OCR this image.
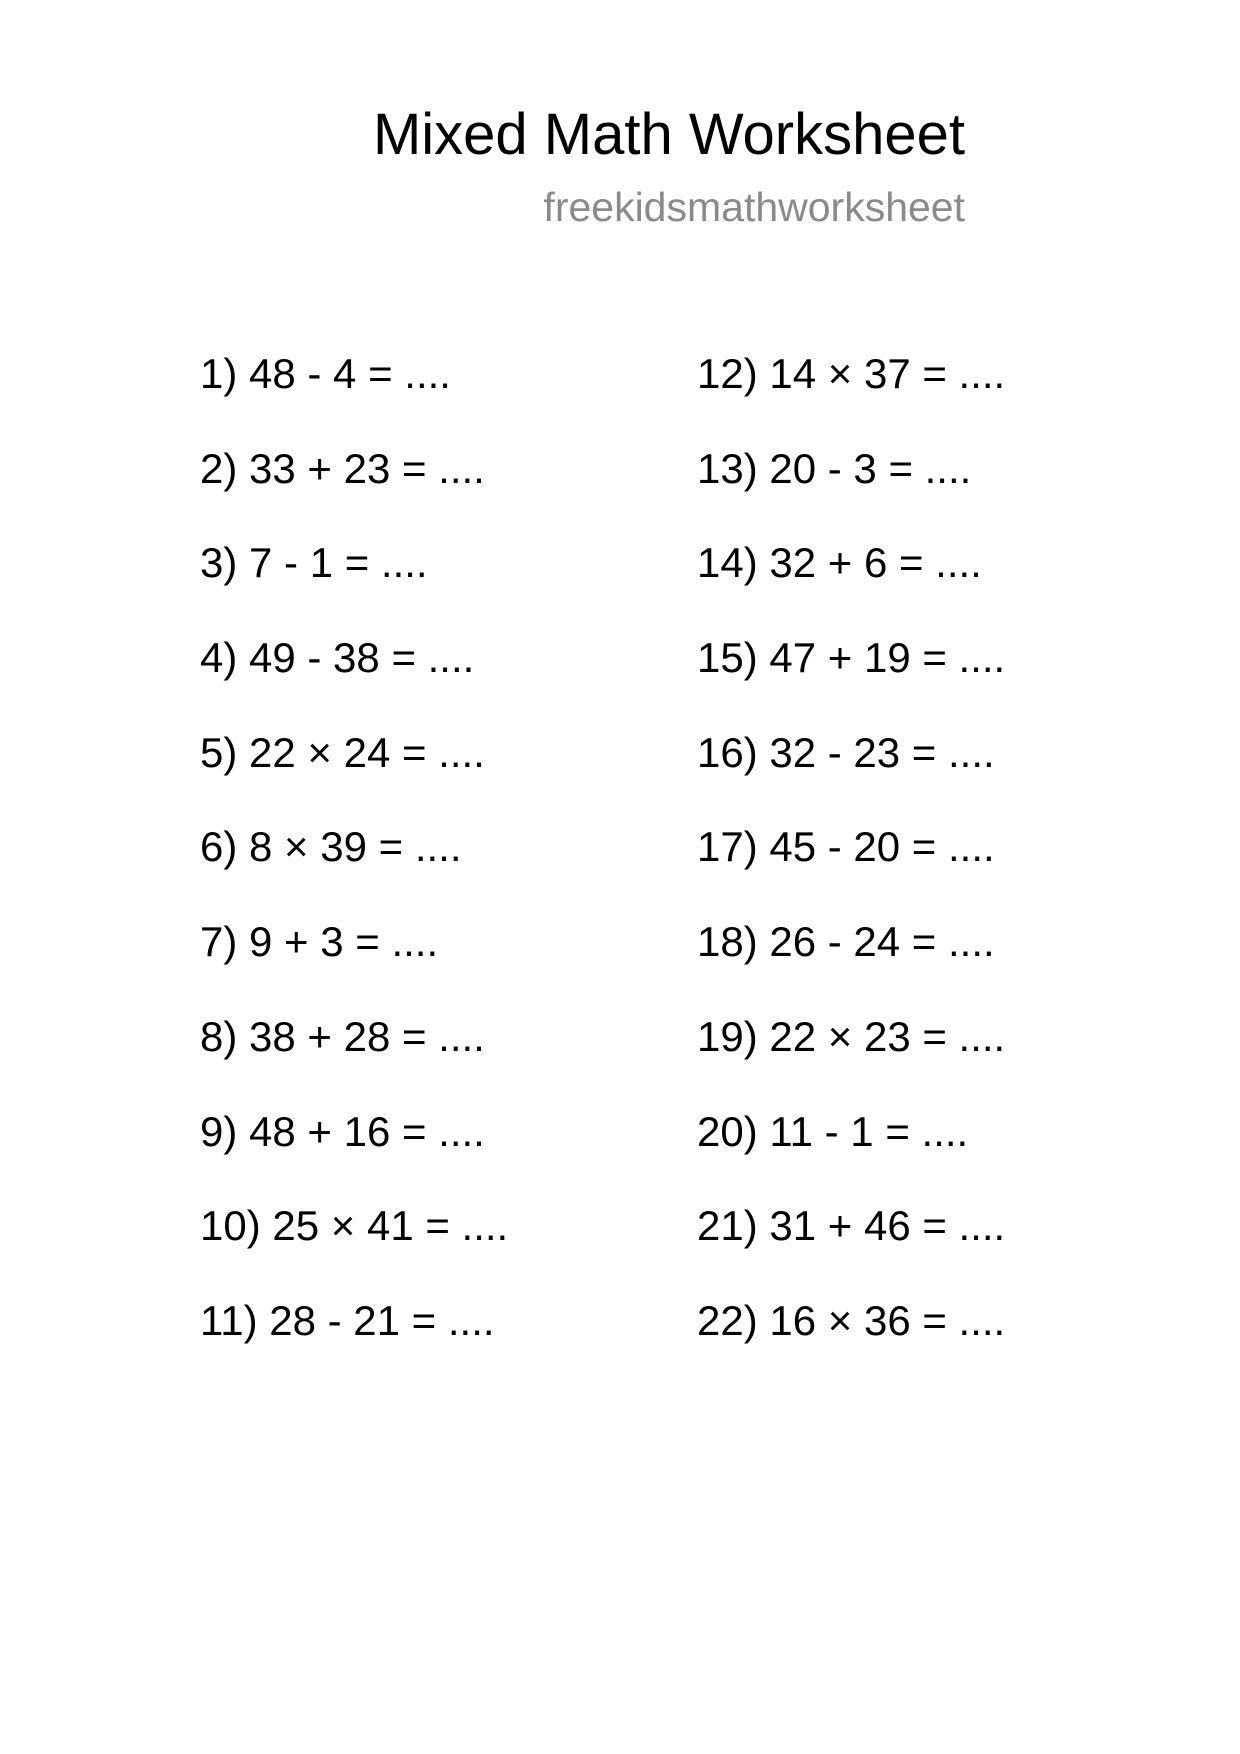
Mixed Math Worksheet
freekidsmathworksheet
1) 48 - 4 = ....
2) 33 + 23 = ....
3) 7 - 1 = ....
4) 49 - 38 = ....
5) 22 × 24 = ....
6) 8 × 39 = ....
7) 9 + 3 = ....
8) 38 + 28 = ....
9) 48 + 16 = ....
10) 25 × 41 = ....
11) 28 - 21 = ....
12) 14 × 37 = ....
13) 20 - 3 = ....
14) 32 + 6 = ....
15) 47 + 19 = ....
16) 32 - 23 = ....
17) 45 - 20 = ....
18) 26 - 24 = ....
19) 22 × 23 = ....
20) 11 - 1 = ....
21) 31 + 46 = ....
22) 16 × 36 = ....
